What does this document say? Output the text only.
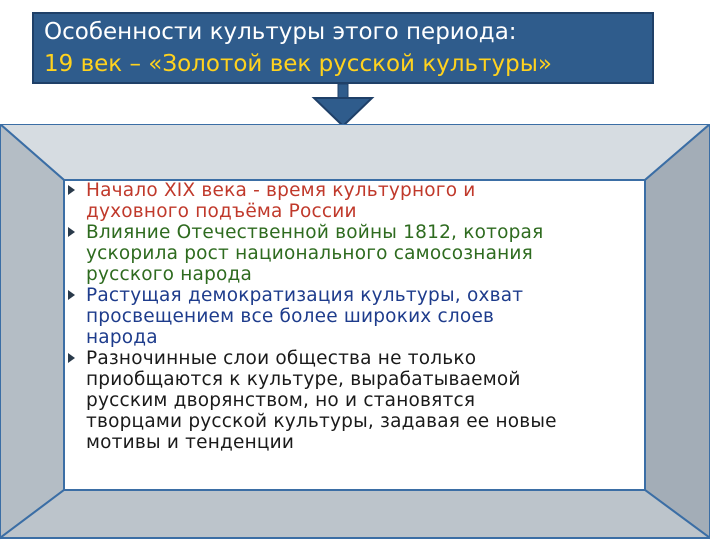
Особенности культуры этого периода:
19 век – «Золотой век русской культуры»
Начало XIX века - время культурного и
духовного подъёма России
Влияние Отечественной войны 1812, которая
ускорила рост национального самосознания
русского народа
Растущая демократизация культуры, охват
просвещением все более широких слоев
народа
Разночинные слои общества не только
приобщаются к культуре, вырабатываемой
русским дворянством, но и становятся
творцами русской культуры, задавая ее новые
мотивы и тенденции
